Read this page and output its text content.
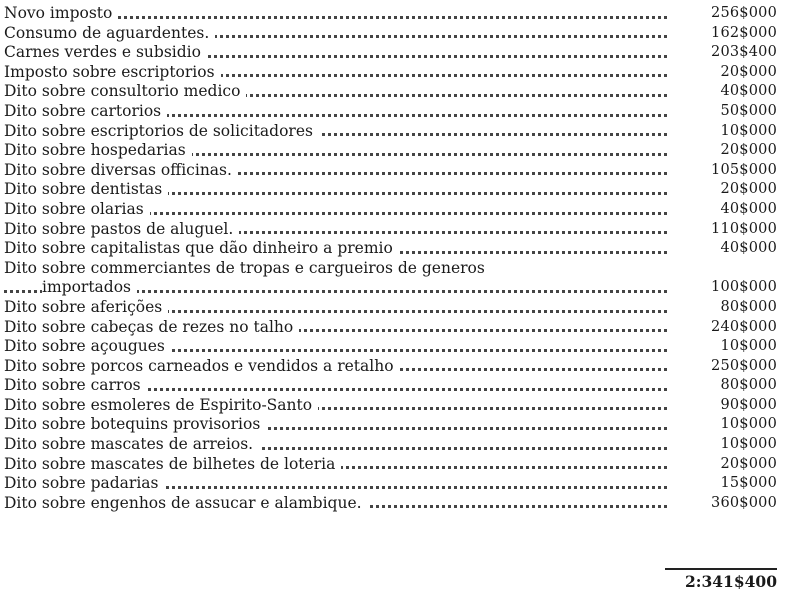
Novo imposto	256$000
Consumo de aguardentes.	162$000
Carnes verdes e subsidio	203$400
Imposto sobre escriptorios	20$000
Dito sobre consultorio medico	40$000
Dito sobre cartorios	50$000
Dito sobre escriptorios de solicitadores	10$000
Dito sobre hospedarias	20$000
Dito sobre diversas officinas.	105$000
Dito sobre dentistas	20$000
Dito sobre olarias	40$000
Dito sobre pastos de aluguel.	110$000
Dito sobre capitalistas que dão dinheiro a premio	40$000
Dito sobre commerciantes de tropas e cargueiros de generos
importados	100$000
Dito sobre aferições	80$000
Dito sobre cabeças de rezes no talho	240$000
Dito sobre açougues	10$000
Dito sobre porcos carneados e vendidos a retalho	250$000
Dito sobre carros	80$000
Dito sobre esmoleres de Espirito-Santo	90$000
Dito sobre botequins provisorios	10$000
Dito sobre mascates de arreios.	10$000
Dito sobre mascates de bilhetes de loteria	20$000
Dito sobre padarias	15$000
Dito sobre engenhos de assucar e alambique.	360$000
2:341$400
